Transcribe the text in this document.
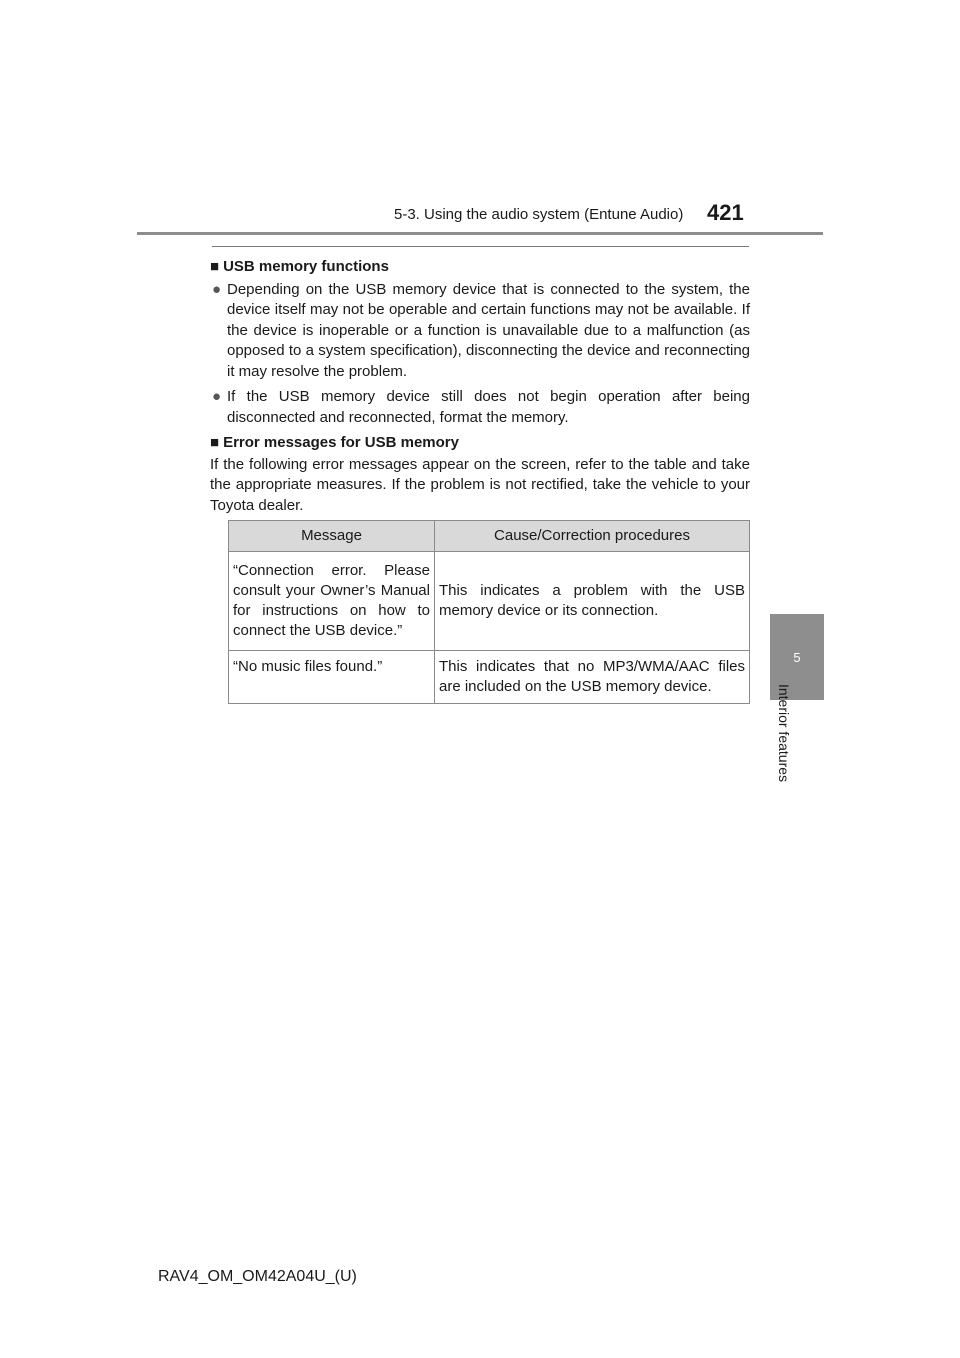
5-3. Using the audio system (Entune Audio) 421
5
Interior features

■ USB memory functions

● Depending on the USB memory device that is connected to the system, the device itself may not be operable and certain functions may not be available. If the device is inoperable or a function is unavailable due to a malfunction (as opposed to a system specification), disconnecting the device and reconnecting it may resolve the problem.

● If the USB memory device still does not begin operation after being disconnected and reconnected, format the memory.

■ Error messages for USB memory

If the following error messages appear on the screen, refer to the table and take the appropriate measures. If the problem is not rectified, take the vehicle to your Toyota dealer.

Message	Cause/Correction procedures
“Connection error. Please consult your Owner’s Manual for instructions on how to connect the USB device.”	This indicates a problem with the USB memory device or its connection.
“No music files found.”	This indicates that no MP3/WMA/AAC files are included on the USB memory device.
RAV4_OM_OM42A04U_(U)
